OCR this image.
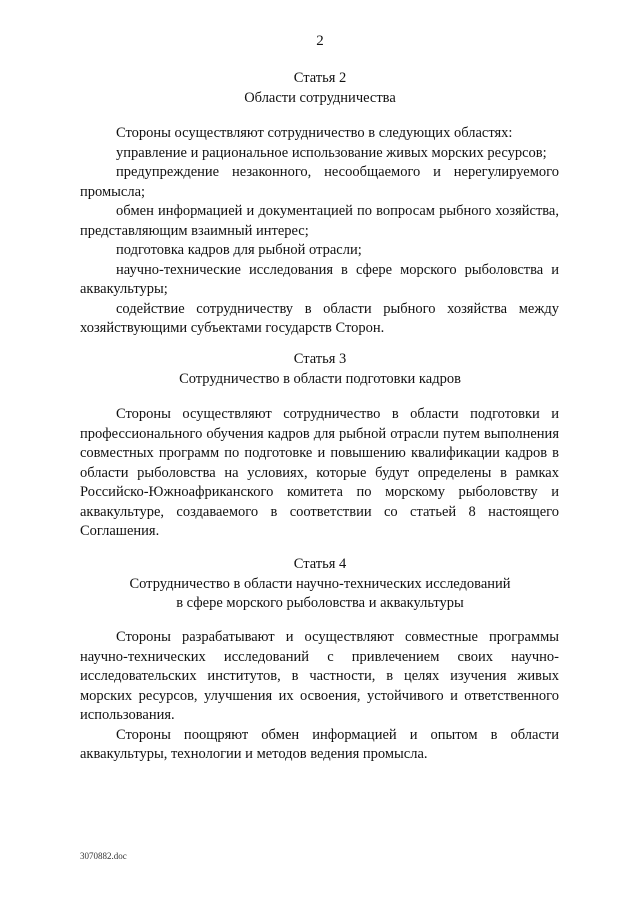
2
Статья 2
Области сотрудничества

Стороны осуществляют сотрудничество в следующих областях:

управление и рациональное использование живых морских ресурсов;

предупреждение незаконного, несообщаемого и нерегулируемого промысла;

обмен информацией и документацией по вопросам рыбного хозяйства, представляющим взаимный интерес;

подготовка кадров для рыбной отрасли;

научно-технические исследования в сфере морского рыболовства и аквакультуры;

содействие сотрудничеству в области рыбного хозяйства между хозяйствующими субъектами государств Сторон.

Статья 3
Сотрудничество в области подготовки кадров

Стороны осуществляют сотрудничество в области подготовки и профессионального обучения кадров для рыбной отрасли путем выполнения совместных программ по подготовке и повышению квалификации кадров в области рыболовства на условиях, которые будут определены в рамках Российско-Южноафриканского комитета по морскому рыболовству и аквакультуре, создаваемого в соответствии со статьей 8 настоящего Соглашения.

Статья 4
Сотрудничество в области научно-технических исследований
в сфере морского рыболовства и аквакультуры

Стороны разрабатывают и осуществляют совместные программы научно-технических исследований с привлечением своих научно-исследовательских институтов, в частности, в целях изучения живых морских ресурсов, улучшения их освоения, устойчивого и ответственного использования.

Стороны поощряют обмен информацией и опытом в области аквакультуры, технологии и методов ведения промысла.

3070882.doc
